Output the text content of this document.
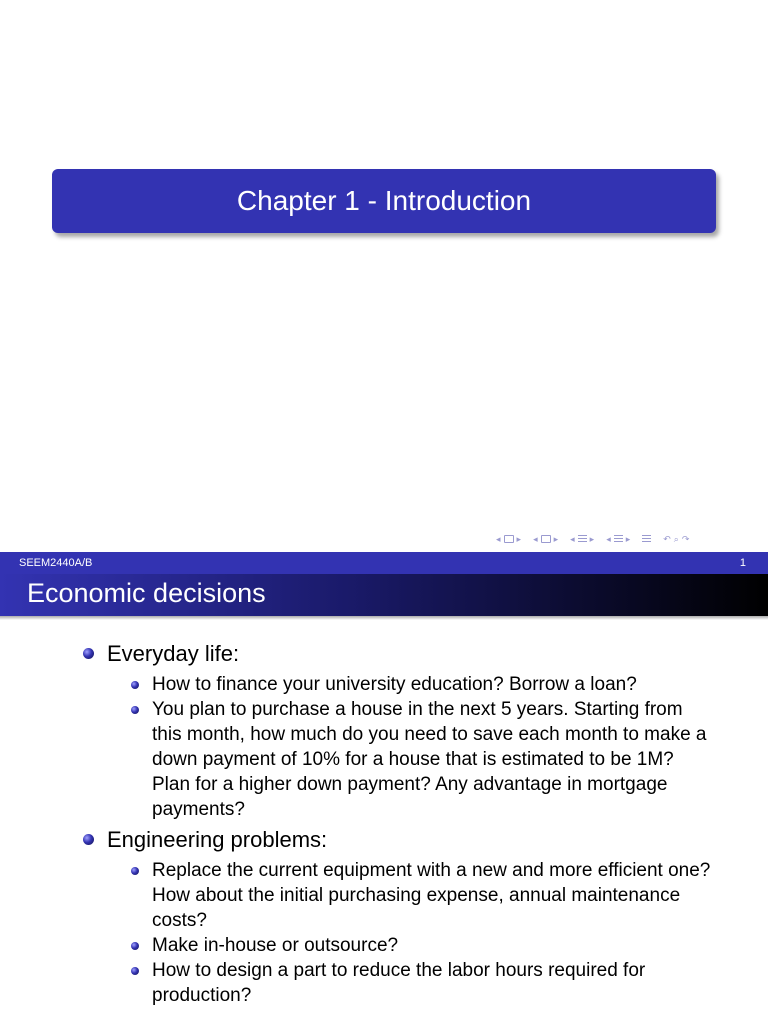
Chapter 1 - Introduction
◂ ▸ ◂ ▸ ◂ ▸ ◂ ▸	↶ ⌕ ↷
SEEM2440A/B	1
Economic decisions
Everyday life:
How to finance your university education? Borrow a loan?
You plan to purchase a house in the next 5 years. Starting from this month, how much do you need to save each month to make a down payment of 10% for a house that is estimated to be 1M? Plan for a higher down payment? Any advantage in mortgage payments?
Engineering problems:
Replace the current equipment with a new and more efficient one? How about the initial purchasing expense, annual maintenance costs?
Make in-house or outsource?
How to design a part to reduce the labor hours required for production?
